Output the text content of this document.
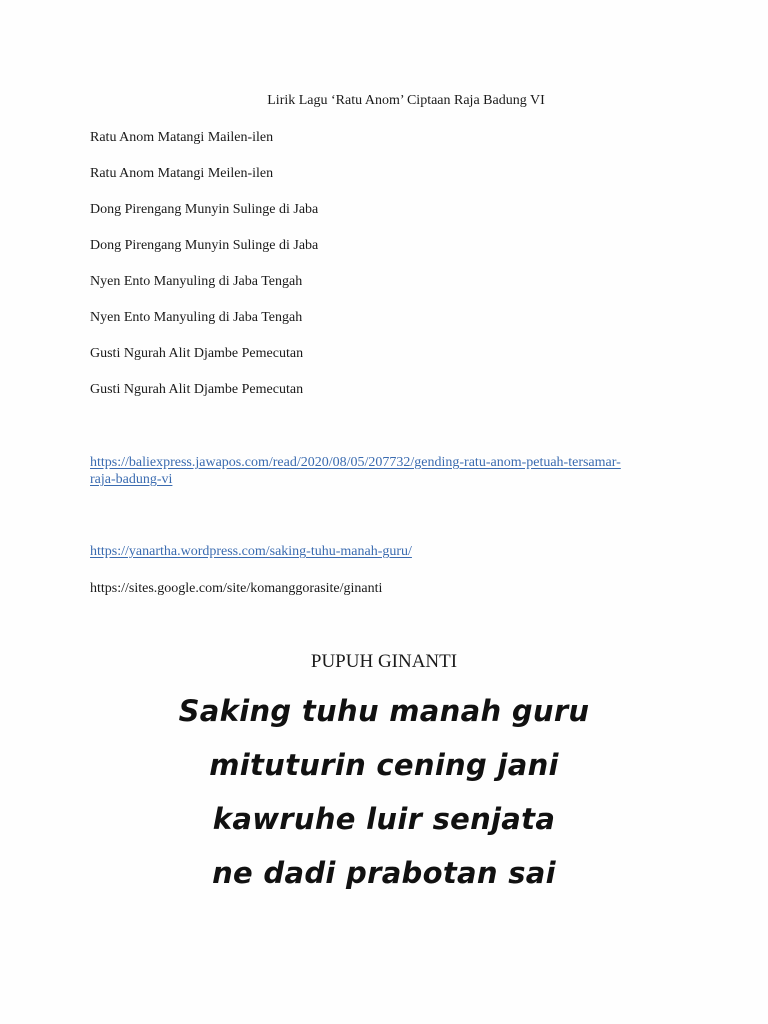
Lirik Lagu ‘Ratu Anom’ Ciptaan Raja Badung VI
Ratu Anom Matangi Mailen-ilen
Ratu Anom Matangi Meilen-ilen
Dong Pirengang Munyin Sulinge di Jaba
Dong Pirengang Munyin Sulinge di Jaba
Nyen Ento Manyuling di Jaba Tengah
Nyen Ento Manyuling di Jaba Tengah
Gusti Ngurah Alit Djambe Pemecutan
Gusti Ngurah Alit Djambe Pemecutan
https://baliexpress.jawapos.com/read/2020/08/05/207732/gending-ratu-anom-petuah-tersamar-
raja-badung-vi
https://yanartha.wordpress.com/saking-tuhu-manah-guru/
https://sites.google.com/site/komanggorasite/ginanti
PUPUH GINANTI
Saking tuhu manah guru
mituturin cening jani
kawruhe luir senjata
ne dadi prabotan sai
